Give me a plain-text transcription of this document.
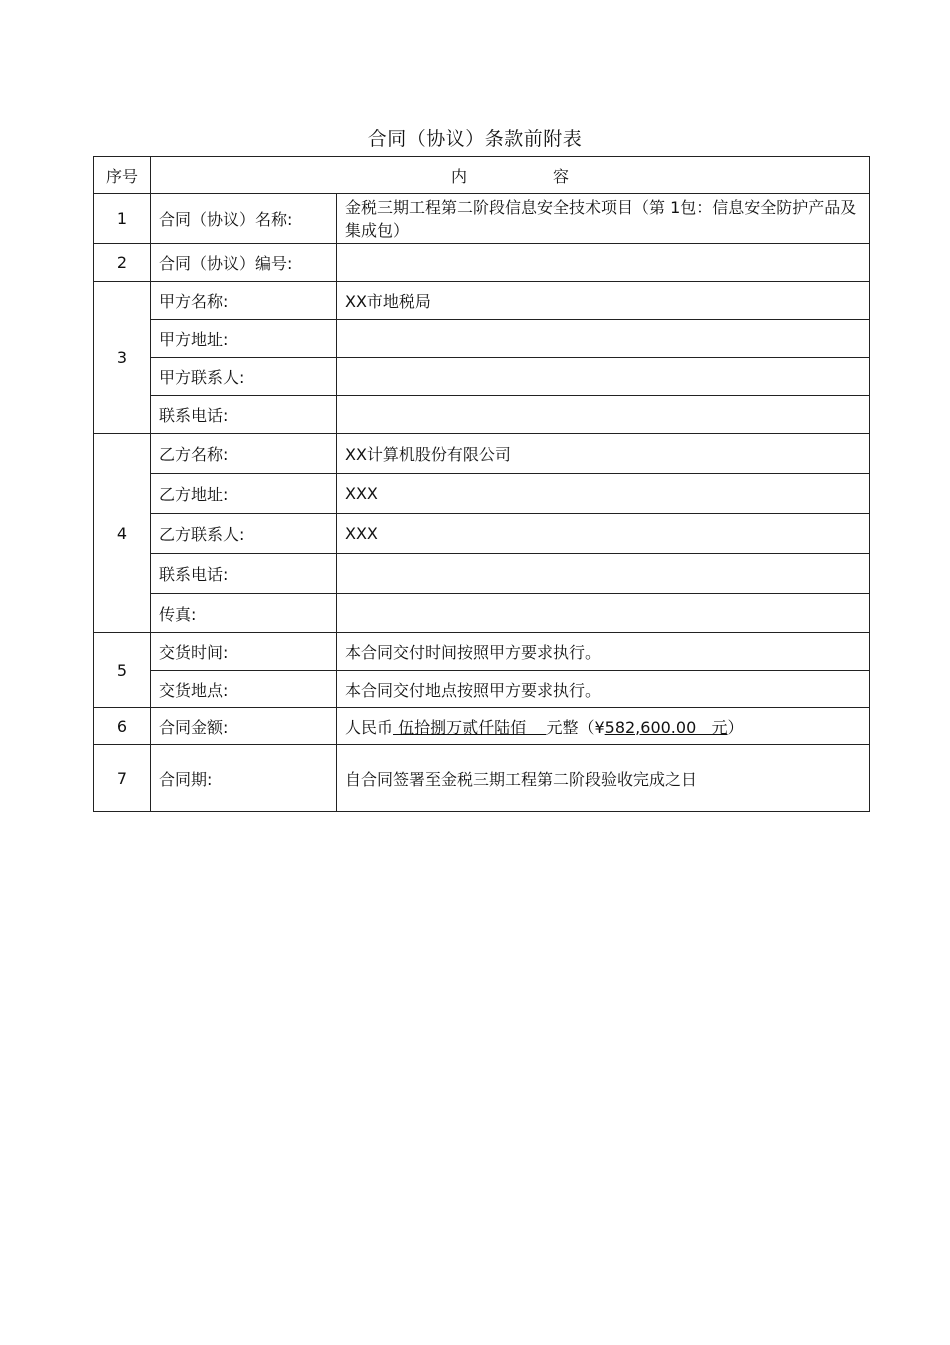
合同（协议）条款前附表
序号	内 容	
1	合同（协议）名称:	金税三期工程第二阶段信息安全技术项目（第 1包：信息安全防护产品及集成包）
2	合同（协议）编号:	
3	甲方名称:	XX市地税局
	甲方地址:	
	甲方联系人:	
	联系电话:	
4	乙方名称:	XX计算机股份有限公司
	乙方地址:	XXX
	乙方联系人:	XXX
	联系电话:	
	传真:	
5	交货时间:	本合同交付时间按照甲方要求执行。
	交货地点:	本合同交付地点按照甲方要求执行。
6	合同金额:	人民币 伍拾捌万贰仟陆佰    元整（¥582,600.00   元）
7	合同期:	自合同签署至金税三期工程第二阶段验收完成之日
